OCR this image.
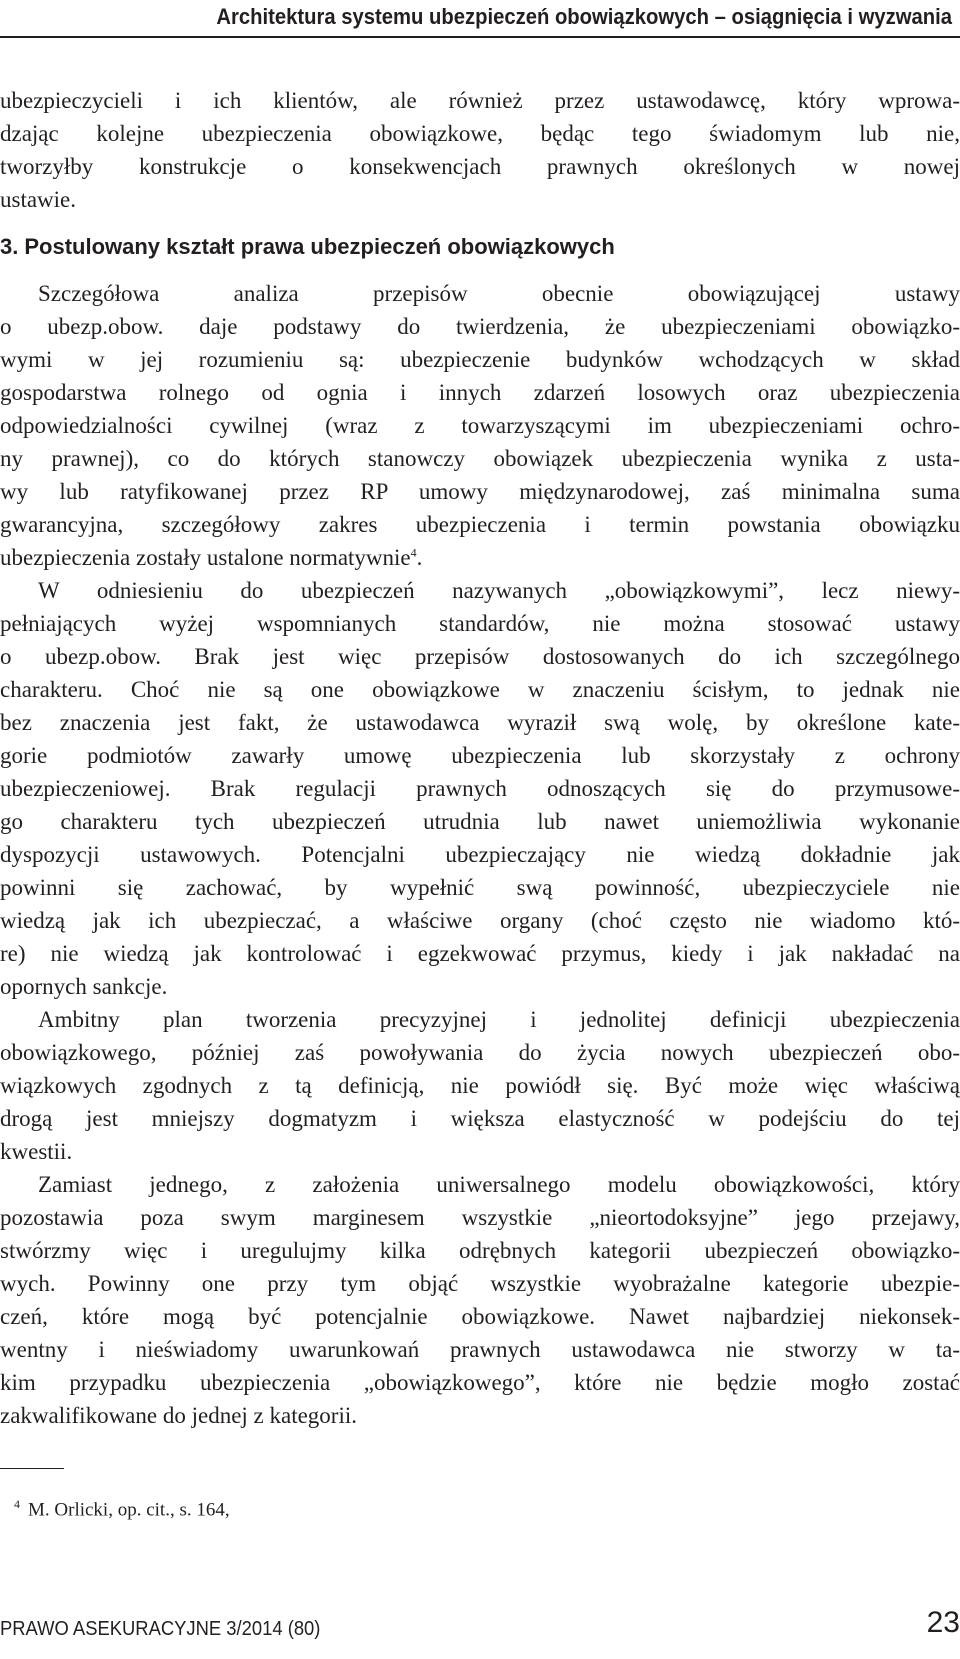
Architektura systemu ubezpieczeń obowiązkowych – osiągnięcia i wyzwania
ubezpieczycieli i ich klientów, ale również przez ustawodawcę, który wprowa-
dzając kolejne ubezpieczenia obowiązkowe, będąc tego świadomym lub nie,
tworzyłby konstrukcje o konsekwencjach prawnych określonych w nowej
ustawie.
3. Postulowany kształt prawa ubezpieczeń obowiązkowych
Szczegółowa analiza przepisów obecnie obowiązującej ustawy
o ubezp.obow. daje podstawy do twierdzenia, że ubezpieczeniami obowiązko-
wymi w jej rozumieniu są: ubezpieczenie budynków wchodzących w skład
gospodarstwa rolnego od ognia i innych zdarzeń losowych oraz ubezpieczenia
odpowiedzialności cywilnej (wraz z towarzyszącymi im ubezpieczeniami ochro-
ny prawnej), co do których stanowczy obowiązek ubezpieczenia wynika z usta-
wy lub ratyfikowanej przez RP umowy międzynarodowej, zaś minimalna suma
gwarancyjna, szczegółowy zakres ubezpieczenia i termin powstania obowiązku
ubezpieczenia zostały ustalone normatywnie$^4$.
W odniesieniu do ubezpieczeń nazywanych „obowiązkowymi”, lecz niewy-
pełniających wyżej wspomnianych standardów, nie można stosować ustawy
o ubezp.obow. Brak jest więc przepisów dostosowanych do ich szczególnego
charakteru. Choć nie są one obowiązkowe w znaczeniu ścisłym, to jednak nie
bez znaczenia jest fakt, że ustawodawca wyraził swą wolę, by określone kate-
gorie podmiotów zawarły umowę ubezpieczenia lub skorzystały z ochrony
ubezpieczeniowej. Brak regulacji prawnych odnoszących się do przymusowe-
go charakteru tych ubezpieczeń utrudnia lub nawet uniemożliwia wykonanie
dyspozycji ustawowych. Potencjalni ubezpieczający nie wiedzą dokładnie jak
powinni się zachować, by wypełnić swą powinność, ubezpieczyciele nie
wiedzą jak ich ubezpieczać, a właściwe organy (choć często nie wiadomo któ-
re) nie wiedzą jak kontrolować i egzekwować przymus, kiedy i jak nakładać na
opornych sankcje.
Ambitny plan tworzenia precyzyjnej i jednolitej definicji ubezpieczenia
obowiązkowego, później zaś powoływania do życia nowych ubezpieczeń obo-
wiązkowych zgodnych z tą definicją, nie powiódł się. Być może więc właściwą
drogą jest mniejszy dogmatyzm i większa elastyczność w podejściu do tej
kwestii.
Zamiast jednego, z założenia uniwersalnego modelu obowiązkowości, który
pozostawia poza swym marginesem wszystkie „nieortodoksyjne” jego przejawy,
stwórzmy więc i uregulujmy kilka odrębnych kategorii ubezpieczeń obowiązko-
wych. Powinny one przy tym objąć wszystkie wyobrażalne kategorie ubezpie-
czeń, które mogą być potencjalnie obowiązkowe. Nawet najbardziej niekonsek-
wentny i nieświadomy uwarunkowań prawnych ustawodawca nie stworzy w ta-
kim przypadku ubezpieczenia „obowiązkowego”, które nie będzie mogło zostać
zakwalifikowane do jednej z kategorii.
$^4$ M. Orlicki, op. cit., s. 164,
PRAWO ASEKURACYJNE 3/2014 (80)	23
